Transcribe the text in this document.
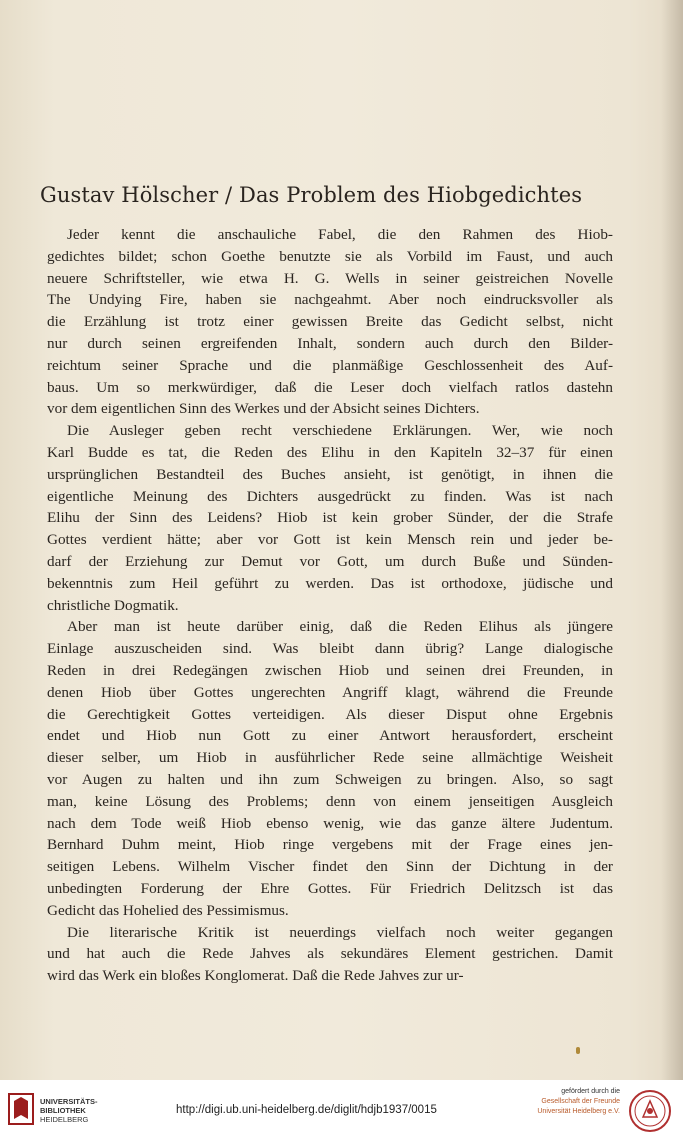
Gustav Hölscher / Das Problem des Hiobgedichtes

Jeder kennt die anschauliche Fabel, die den Rahmen des Hiob-

gedichtes bildet; schon Goethe benutzte sie als Vorbild im Faust, und auch

neuere Schriftsteller, wie etwa H. G. Wells in seiner geistreichen Novelle

The Undying Fire, haben sie nachgeahmt. Aber noch eindrucksvoller als

die Erzählung ist trotz einer gewissen Breite das Gedicht selbst, nicht

nur durch seinen ergreifenden Inhalt, sondern auch durch den Bilder-

reichtum seiner Sprache und die planmäßige Geschlossenheit des Auf-

baus. Um so merkwürdiger, daß die Leser doch vielfach ratlos dastehn

vor dem eigentlichen Sinn des Werkes und der Absicht seines Dichters.

Die Ausleger geben recht verschiedene Erklärungen. Wer, wie noch

Karl Budde es tat, die Reden des Elihu in den Kapiteln 32–37 für einen

ursprünglichen Bestandteil des Buches ansieht, ist genötigt, in ihnen die

eigentliche Meinung des Dichters ausgedrückt zu finden. Was ist nach

Elihu der Sinn des Leidens? Hiob ist kein grober Sünder, der die Strafe

Gottes verdient hätte; aber vor Gott ist kein Mensch rein und jeder be-

darf der Erziehung zur Demut vor Gott, um durch Buße und Sünden-

bekenntnis zum Heil geführt zu werden. Das ist orthodoxe, jüdische und

christliche Dogmatik.

Aber man ist heute darüber einig, daß die Reden Elihus als jüngere

Einlage auszuscheiden sind. Was bleibt dann übrig? Lange dialogische

Reden in drei Redegängen zwischen Hiob und seinen drei Freunden, in

denen Hiob über Gottes ungerechten Angriff klagt, während die Freunde

die Gerechtigkeit Gottes verteidigen. Als dieser Disput ohne Ergebnis

endet und Hiob nun Gott zu einer Antwort herausfordert, erscheint

dieser selber, um Hiob in ausführlicher Rede seine allmächtige Weisheit

vor Augen zu halten und ihn zum Schweigen zu bringen. Also, so sagt

man, keine Lösung des Problems; denn von einem jenseitigen Ausgleich

nach dem Tode weiß Hiob ebenso wenig, wie das ganze ältere Judentum.

Bernhard Duhm meint, Hiob ringe vergebens mit der Frage eines jen-

seitigen Lebens. Wilhelm Vischer findet den Sinn der Dichtung in der

unbedingten Forderung der Ehre Gottes. Für Friedrich Delitzsch ist das

Gedicht das Hohelied des Pessimismus.

Die literarische Kritik ist neuerdings vielfach noch weiter gegangen

und hat auch die Rede Jahves als sekundäres Element gestrichen. Damit

wird das Werk ein bloßes Konglomerat. Daß die Rede Jahves zur ur-

UNIVERSITÄTS-
BIBLIOTHEK
HEIDELBERG
http://digi.ub.uni-heidelberg.de/diglit/hdjb1937/0015
gefördert durch die
Gesellschaft der Freunde
Universität Heidelberg e.V.
